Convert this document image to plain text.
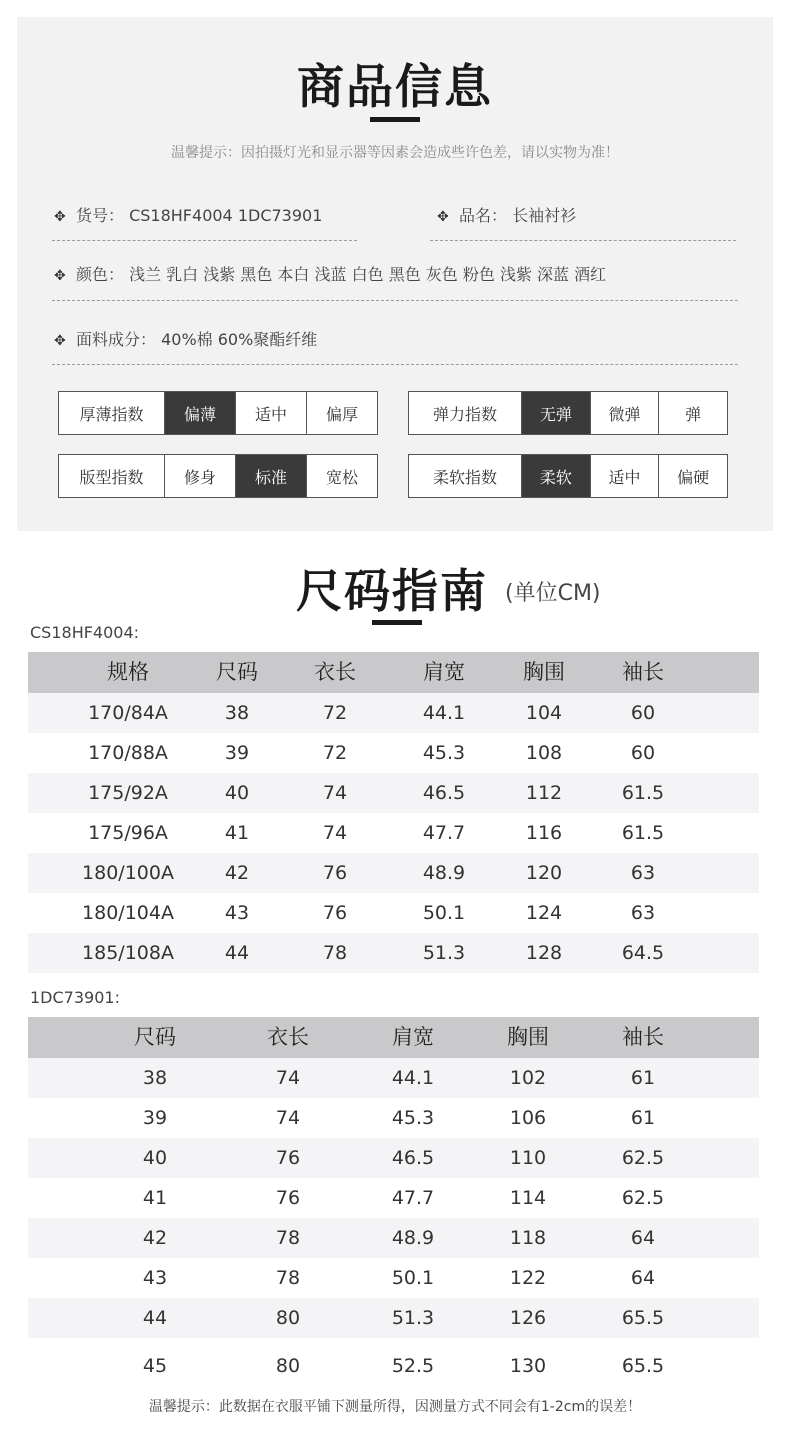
商品信息

温馨提示：因拍摄灯光和显示器等因素会造成些许色差，请以实物为准！

✥ 货号： CS18HF4004 1DC73901	✥ 品名： 长袖衬衫
✥ 颜色： 浅兰 乳白 浅紫 黑色 本白 浅蓝 白色 黑色 灰色 粉色 浅紫 深蓝 酒红
✥ 面料成分： 40%棉 60%聚酯纤维
厚薄指数	偏薄	适中	偏厚	弹力指数	无弹	微弹	弹
版型指数	修身	标准	宽松	柔软指数	柔软	适中	偏硬
尺码指南 (单位CM)
CS18HF4004:
规格	尺码	衣长	肩宽	胸围	袖长
170/84A	38	72	44.1	104	60
170/88A	39	72	45.3	108	60
175/92A	40	74	46.5	112	61.5
175/96A	41	74	47.7	116	61.5
180/100A	42	76	48.9	120	63
180/104A	43	76	50.1	124	63
185/108A	44	78	51.3	128	64.5
1DC73901:
尺码	衣长	肩宽	胸围	袖长
38	74	44.1	102	61
39	74	45.3	106	61
40	76	46.5	110	62.5
41	76	47.7	114	62.5
42	78	48.9	118	64
43	78	50.1	122	64
44	80	51.3	126	65.5
45	80	52.5	130	65.5

温馨提示：此数据在衣服平铺下测量所得，因测量方式不同会有1-2cm的误差！
